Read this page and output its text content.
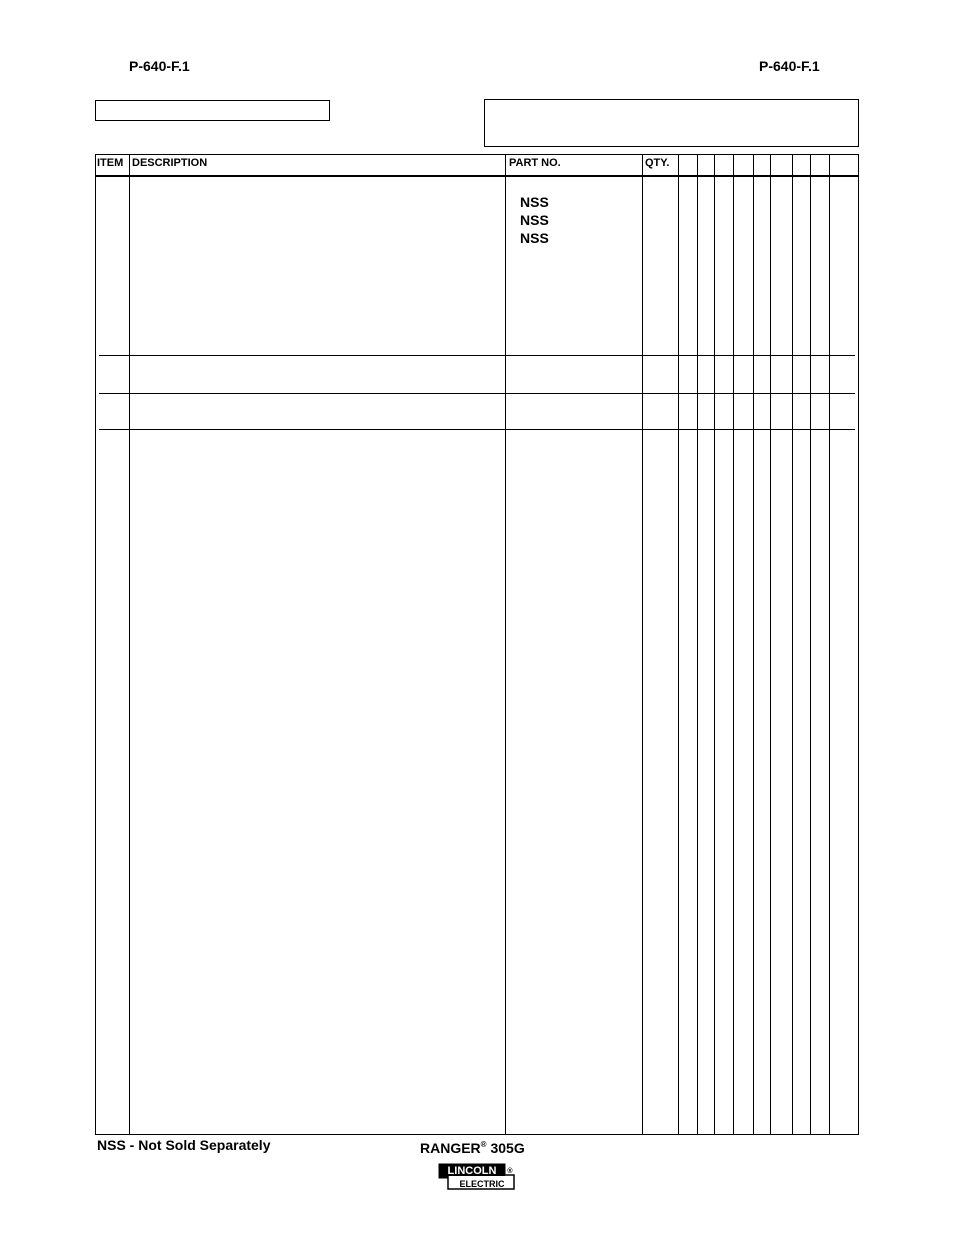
P-640-F.1	P-640-F.1
ITEM DESCRIPTION	PART NO.	QTY.
NSS
NSS
NSS
NSS - Not Sold Separately	RANGER® 305G
LINCOLN
ELECTRIC
®
